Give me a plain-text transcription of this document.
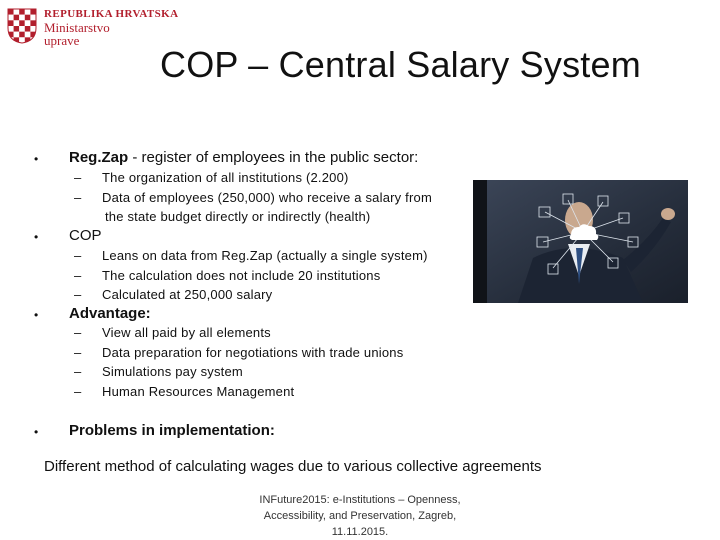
REPUBLIKA HRVATSKA
Ministarstvo
uprave
COP – Central Salary System
• Reg.Zap - register of employees in the public sector:
– The organization of all institutions (2.200)
– Data of employees (250,000) who receive a salary from
the state budget directly or indirectly (health)
• COP
– Leans on data from Reg.Zap (actually a single system)
– The calculation does not include 20 institutions
– Calculated at 250,000 salary
• Advantage:
– View all paid by all elements
– Data preparation for negotiations with trade unions
– Simulations pay system
– Human Resources Management
• Problems in implementation:
Different method of calculating wages due to various collective agreements
INFuture2015: e-Institutions – Openness,
Accessibility, and Preservation, Zagreb,
11.11.2015.
